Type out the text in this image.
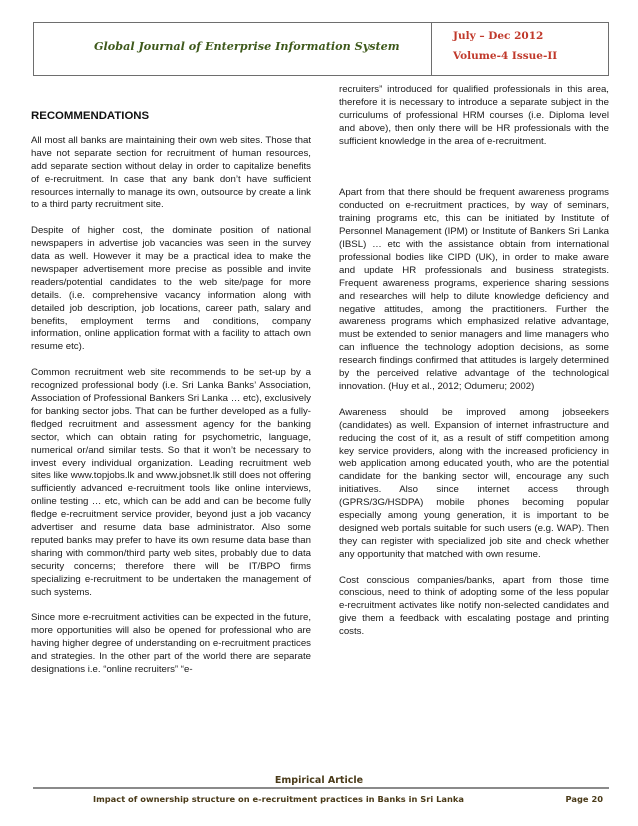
Global Journal of Enterprise Information System
July – Dec 2012
Volume-4 Issue-II
RECOMMENDATIONS

All most all banks are maintaining their own web sites. Those that have not separate section for recruitment of human resources, add separate section without delay in order to capitalize benefits of e-recruitment. In case that any bank don’t have sufficient resources internally to manage its own, outsource by create a link to a third party recruitment site.

Despite of higher cost, the dominate position of national newspapers in advertise job vacancies was seen in the survey data as well. However it may be a practical idea to make the newspaper advertisement more precise as possible and invite readers/potential candidates to the web site/page for more details. (i.e. comprehensive vacancy information along with detailed job description, job locations, career path, salary and benefits, employment terms and conditions, company information, online application format with a facility to attach own resume etc).

Common recruitment web site recommends to be set-up by a recognized professional body (i.e. Sri Lanka Banks’ Association, Association of Professional Bankers Sri Lanka … etc), exclusively for banking sector jobs. That can be further developed as a fully-fledged recruitment and assessment agency for the banking sector, which can obtain rating for psychometric, language, numerical or/and similar tests. So that it won’t be necessary to invest every individual organization. Leading recruitment web sites like www.topjobs.lk and www.jobsnet.lk still does not offering sufficiently advanced e-recruitment tools like online interviews, online testing … etc, which can be add and can be become fully fledge e-recruitment service provider, beyond just a job vacancy advertiser and resume data base administrator. Also some reputed banks may prefer to have its own resume data base than sharing with common/third party web sites, probably due to data security concerns; therefore there will be IT/BPO firms specializing e-recruitment to be undertaken the management of such systems.

Since more e-recruitment activities can be expected in the future, more opportunities will also be opened for professional who are having higher degree of understanding on e-recruitment practices and strategies. In the other part of the world there are separate designations i.e. “online recruiters” “e-

recruiters” introduced for qualified professionals in this area, therefore it is necessary to introduce a separate subject in the curriculums of professional HRM courses (i.e. Diploma level and above), then only there will be HR professionals with the sufficient knowledge in the area of e-recruitment.

Apart from that there should be frequent awareness programs conducted on e-recruitment practices, by way of seminars, training programs etc, this can be initiated by Institute of Personnel Management (IPM) or Institute of Bankers Sri Lanka (IBSL) … etc with the assistance obtain from international professional bodies like CIPD (UK), in order to make aware and update HR professionals and business strategists. Frequent awareness programs, experience sharing sessions and researches will help to dilute knowledge deficiency and negative attitudes, among the practitioners. Further the awareness programs which emphasized relative advantage, must be extended to senior managers and lime managers who can influence the technology adoption decisions, as some research findings confirmed that attitudes is largely determined by the perceived relative advantage of the technological innovation. (Huy et al., 2012; Odumeru; 2002)

Awareness should be improved among jobseekers (candidates) as well. Expansion of internet infrastructure and reducing the cost of it, as a result of stiff competition among key service providers, along with the increased proficiency in web application among educated youth, who are the potential candidate for the banking sector will, encourage any such initiatives. Also since internet access through (GPRS/3G/HSDPA) mobile phones becoming popular especially among young generation, it is important to be designed web portals suitable for such users (e.g. WAP). Then they can register with specialized job site and check whether any opportunity that matched with own resume.

Cost conscious companies/banks, apart from those time conscious, need to think of adopting some of the less popular e-recruitment activates like notify non-selected candidates and give them a feedback with escalating postage and printing costs.

Empirical Article
Impact of ownership structure on e-recruitment practices in Banks in Sri Lanka	Page 20
